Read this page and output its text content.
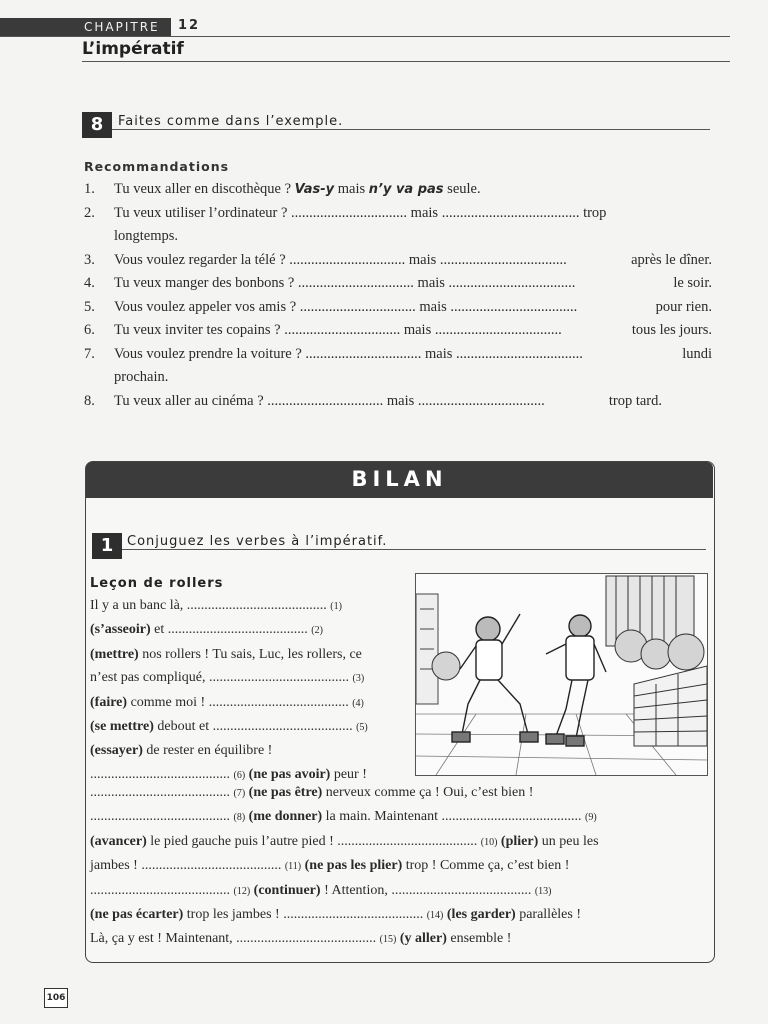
CHAPITRE 12
L’impératif
8	Faites comme dans l’exemple.
Recommandations
1.	Tu veux aller en discothèque ? Vas-y mais n’y va pas seule.
2.	Tu veux utiliser l’ordinateur ? ................................ mais ...................................... trop
longtemps.
3.	Vous voulez regarder la télé ? ................................ mais ...................................	après le dîner.
4.	Tu veux manger des bonbons ? ................................ mais ...................................	le soir.
5.	Vous voulez appeler vos amis ? ................................ mais ...................................	pour rien.
6.	Tu veux inviter tes copains ? ................................ mais ...................................	tous les jours.
7.	Vous voulez prendre la voiture ? ................................ mais ...................................	lundi
prochain.
8.	Tu veux aller au cinéma ? ................................ mais ...................................	trop tard.
BILAN
1	Conjuguez les verbes à l’impératif.
Leçon de rollers
Il y a un banc là, ........................................ (1)
(s’asseoir) et ........................................ (2)
(mettre) nos rollers ! Tu sais, Luc, les rollers, ce
n’est pas compliqué, ........................................ (3)
(faire) comme moi ! ........................................ (4)
(se mettre) debout et ........................................ (5)
(essayer) de rester en équilibre !
........................................ (6) (ne pas avoir) peur !
........................................ (7) (ne pas être) nerveux comme ça ! Oui, c’est bien !
........................................ (8) (me donner) la main. Maintenant ........................................ (9)
(avancer) le pied gauche puis l’autre pied ! ........................................ (10) (plier) un peu les
jambes ! ........................................ (11) (ne pas les plier) trop ! Comme ça, c’est bien !
........................................ (12) (continuer) ! Attention, ........................................ (13)
(ne pas écarter) trop les jambes ! ........................................ (14) (les garder) parallèles !
Là, ça y est ! Maintenant, ........................................ (15) (y aller) ensemble !
106
